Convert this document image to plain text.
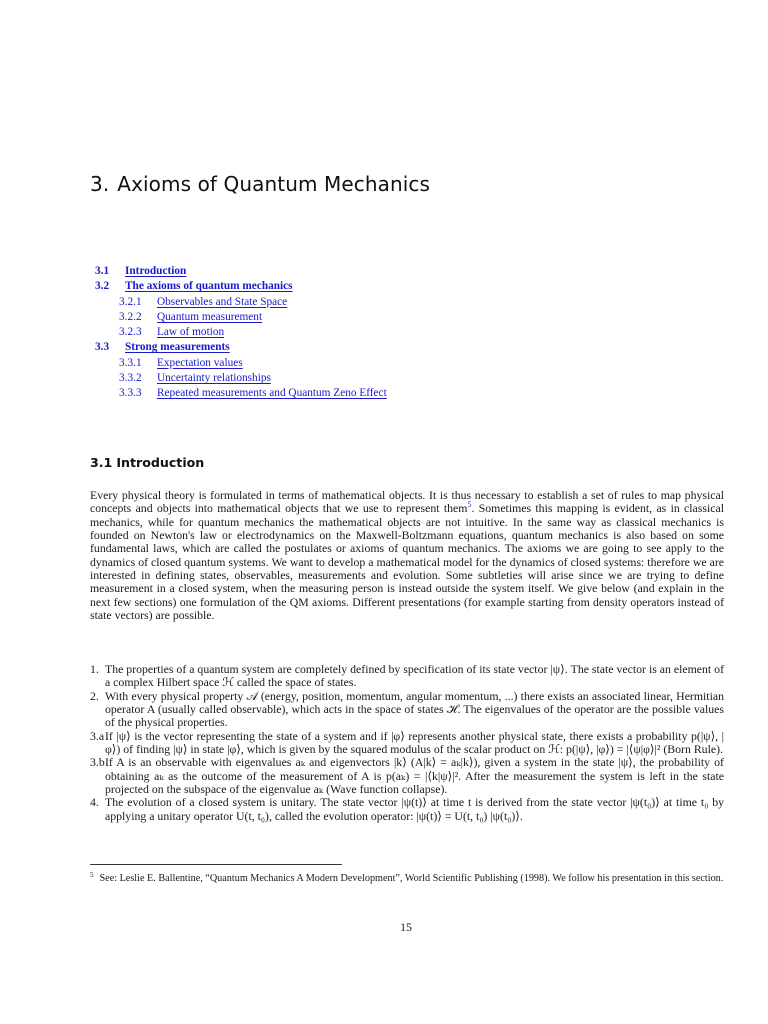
3. Axioms of Quantum Mechanics
3.1 Introduction
3.2 The axioms of quantum mechanics
3.2.1 Observables and State Space
3.2.2 Quantum measurement
3.2.3 Law of motion
3.3 Strong measurements
3.3.1 Expectation values
3.3.2 Uncertainty relationships
3.3.3 Repeated measurements and Quantum Zeno Effect
3.1 Introduction

Every physical theory is formulated in terms of mathematical objects. It is thus necessary to establish a set of rules to map physical concepts and objects into mathematical objects that we use to represent them$^5$. Sometimes this mapping is evident, as in classical mechanics, while for quantum mechanics the mathematical objects are not intuitive. In the same way as classical mechanics is founded on Newton's law or electrodynamics on the Maxwell-Boltzmann equations, quantum mechanics is also based on some fundamental laws, which are called the postulates or axioms of quantum mechanics. The axioms we are going to see apply to the dynamics of closed quantum systems. We want to develop a mathematical model for the dynamics of closed systems: therefore we are interested in defining states, observables, measurements and evolution. Some subtleties will arise since we are trying to define measurement in a closed system, when the measuring person is instead outside the system itself. We give below (and explain in the next few sections) one formulation of the QM axioms. Different presentations (for example starting from density operators instead of state vectors) are possible.

1. The properties of a quantum system are completely defined by specification of its state vector |ψ⟩. The state vector is an element of a complex Hilbert space ℋ called the space of states.
2. With every physical property 𝒜 (energy, position, momentum, angular momentum, ...) there exists an associated linear, Hermitian operator A (usually called observable), which acts in the space of states ℋ. The eigenvalues of the operator are the possible values of the physical properties.
3.a If |ψ⟩ is the vector representing the state of a system and if |φ⟩ represents another physical state, there exists a probability p(|ψ⟩, |φ⟩) of finding |ψ⟩ in state |φ⟩, which is given by the squared modulus of the scalar product on ℋ: p(|ψ⟩, |φ⟩) = |⟨ψ|φ⟩|² (Born Rule).
3.b If A is an observable with eigenvalues aₖ and eigenvectors |k⟩ (A|k⟩ = aₖ|k⟩), given a system in the state |ψ⟩, the probability of obtaining aₖ as the outcome of the measurement of A is p(aₖ) = |⟨k|ψ⟩|². After the measurement the system is left in the state projected on the subspace of the eigenvalue aₖ (Wave function collapse).
4. The evolution of a closed system is unitary. The state vector |ψ(t)⟩ at time t is derived from the state vector |ψ(t₀)⟩ at time t₀ by applying a unitary operator U(t, t₀), called the evolution operator: |ψ(t)⟩ = U(t, t₀) |ψ(t₀)⟩.

$^5$ See: Leslie E. Ballentine, “Quantum Mechanics A Modern Development”, World Scientific Publishing (1998). We follow his presentation in this section.

15
